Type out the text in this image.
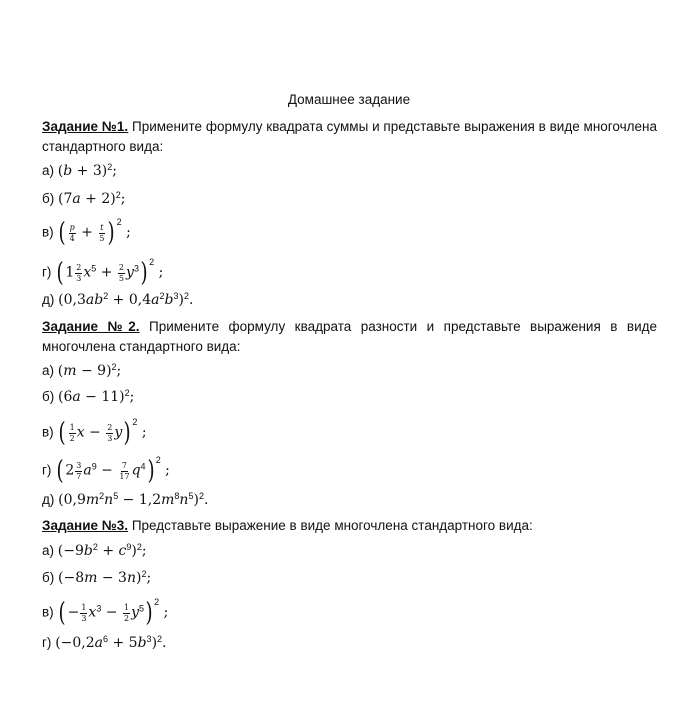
Домашнее задание
Задание №1. Примените формулу квадрата суммы и представьте выражения в виде многочлена стандартного вида:
а) $(b + 3)^2$;
б) $(7a + 2)^2$;
в) ( $\frac{p}{4} + \frac{t}{5}$ ) $^2$ ;
г) ( $1 \frac{2}{3} x^5 + \frac{2}{5} y^3$) $^2$ ;
д) $(0,3ab^2 + 0,4a^2b^3)^2$.
Задание №2. Примените формулу квадрата разности и представьте выражения в виде многочлена стандартного вида:
а) $(m - 9)^2$;
б) $(6a - 11)^2$;
в) ( $\frac{1}{2}$ $x - \frac{2}{3} y$) $^2$ ;
г) ( $2 \frac{3}{7} a^9 - \frac{7}{17} q^4$) $^2$ ;
д) $(0,9m^2n^5 - 1,2m^8n^5)^2$.
Задание №3. Представьте выражение в виде многочлена стандартного вида:
а) $(-9b^2 + c^9)^2$;
б) $(-8m - 3n)^2$;
в) ( − $\frac{1}{3} x^3 - \frac{1}{2} y^5$) $^2$ ;
г) $(-0,2a^6 + 5b^3)^2$.
